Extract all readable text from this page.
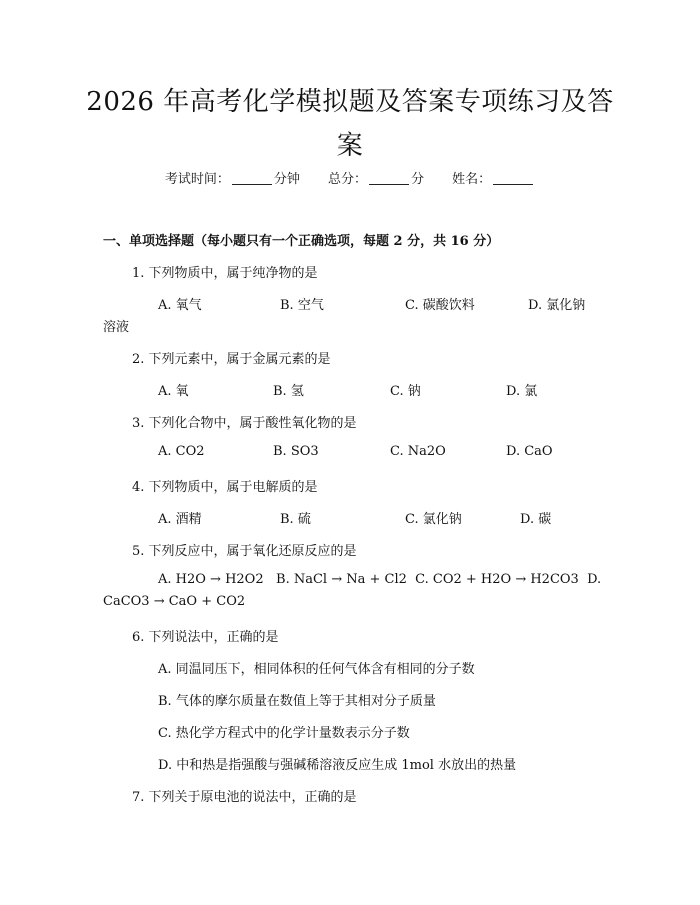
2026 年高考化学模拟题及答案专项练习及答
案
考试时间：	分钟 总分：	分 姓名：
一、单项选择题（每小题只有一个正确选项，每题 2 分，共 16 分）
1. 下列物质中，属于纯净物的是
A. 氧气	B. 空气	C. 碳酸饮料	D. 氯化钠
溶液
2. 下列元素中，属于金属元素的是
A. 氧	B. 氢	C. 钠	D. 氯
3. 下列化合物中，属于酸性氧化物的是
A. CO2	B. SO3	C. Na2O	D. CaO
4. 下列物质中，属于电解质的是
A. 酒精	B. 硫	C. 氯化钠	D. 碳
5. 下列反应中，属于氧化还原反应的是
A. H2O → H2O2   B. NaCl → Na + Cl2  C. CO2 + H2O → H2CO3  D.
CaCO3 → CaO + CO2
6. 下列说法中，正确的是
A. 同温同压下，相同体积的任何气体含有相同的分子数
B. 气体的摩尔质量在数值上等于其相对分子质量
C. 热化学方程式中的化学计量数表示分子数
D. 中和热是指强酸与强碱稀溶液反应生成 1mol 水放出的热量
7. 下列关于原电池的说法中，正确的是
